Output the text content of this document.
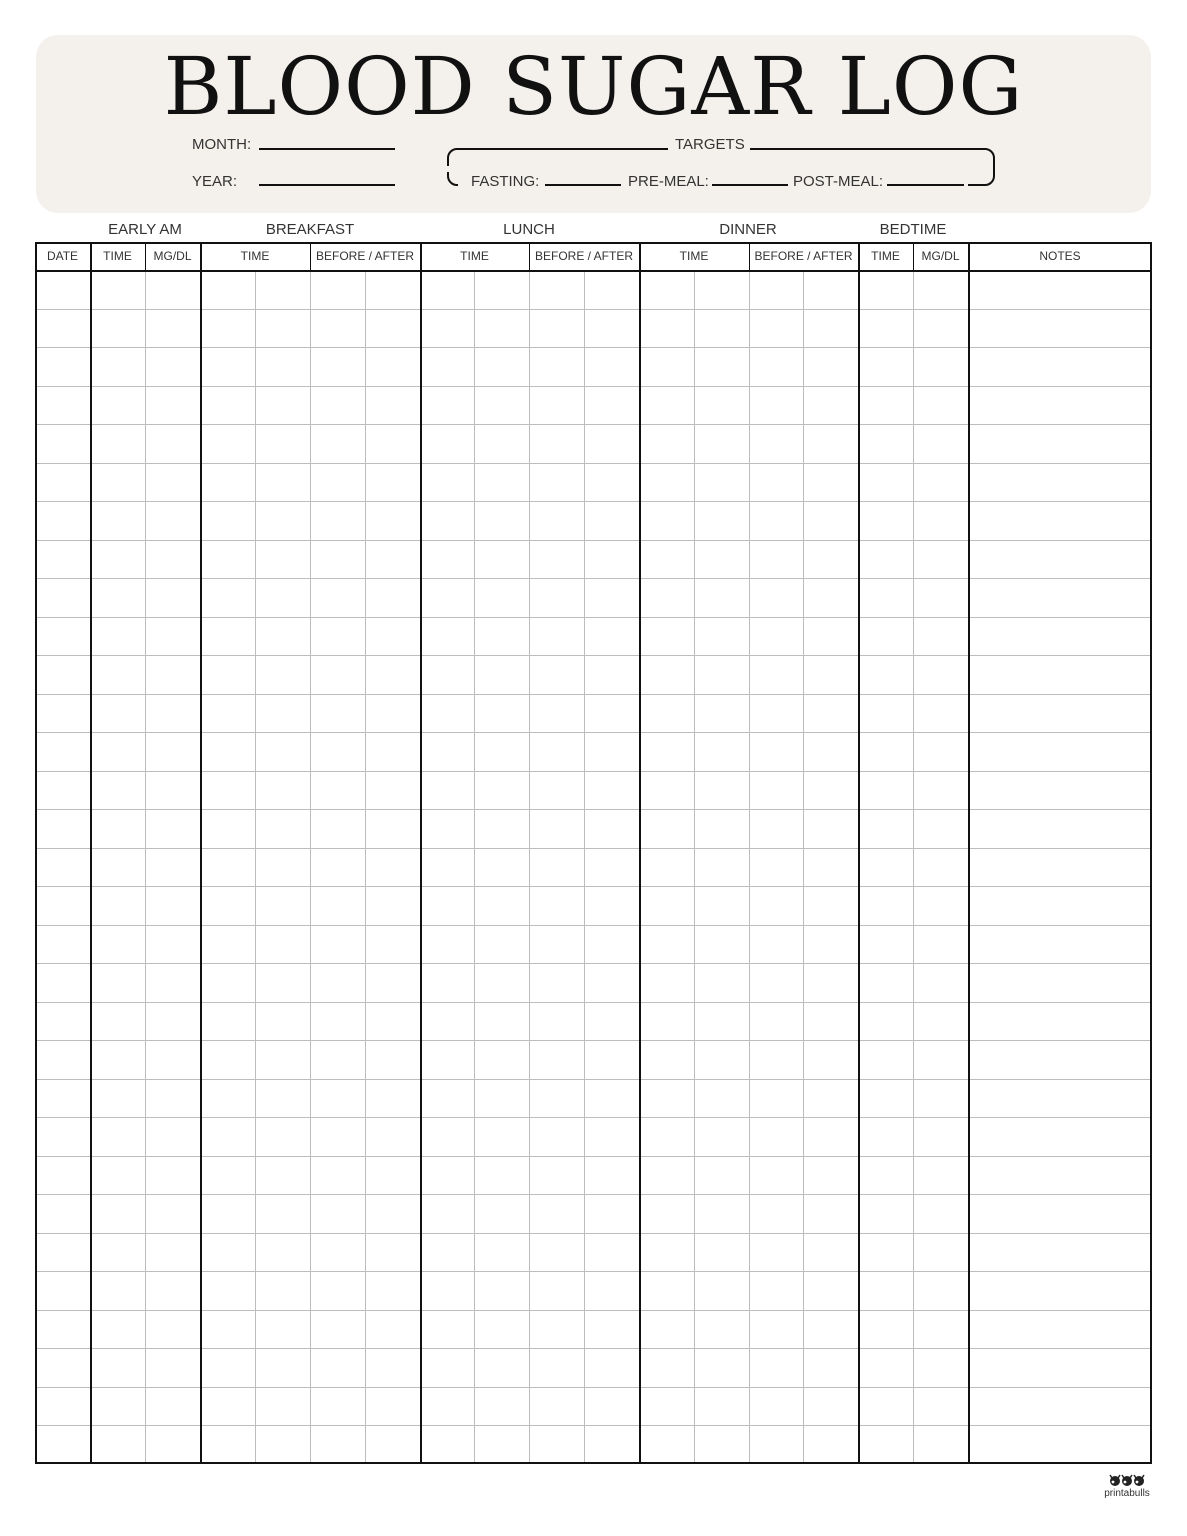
BLOOD SUGAR LOG
MONTH:
YEAR:
TARGETS
FASTING:	PRE-MEAL:	POST-MEAL:
EARLY AM	BREAKFAST	LUNCH	DINNER	BEDTIME
DATE	TIME	MG/DL	TIME	BEFORE / AFTER	TIME	BEFORE / AFTER	TIME	BEFORE / AFTER	TIME	MG/DL	NOTES
printabulls
